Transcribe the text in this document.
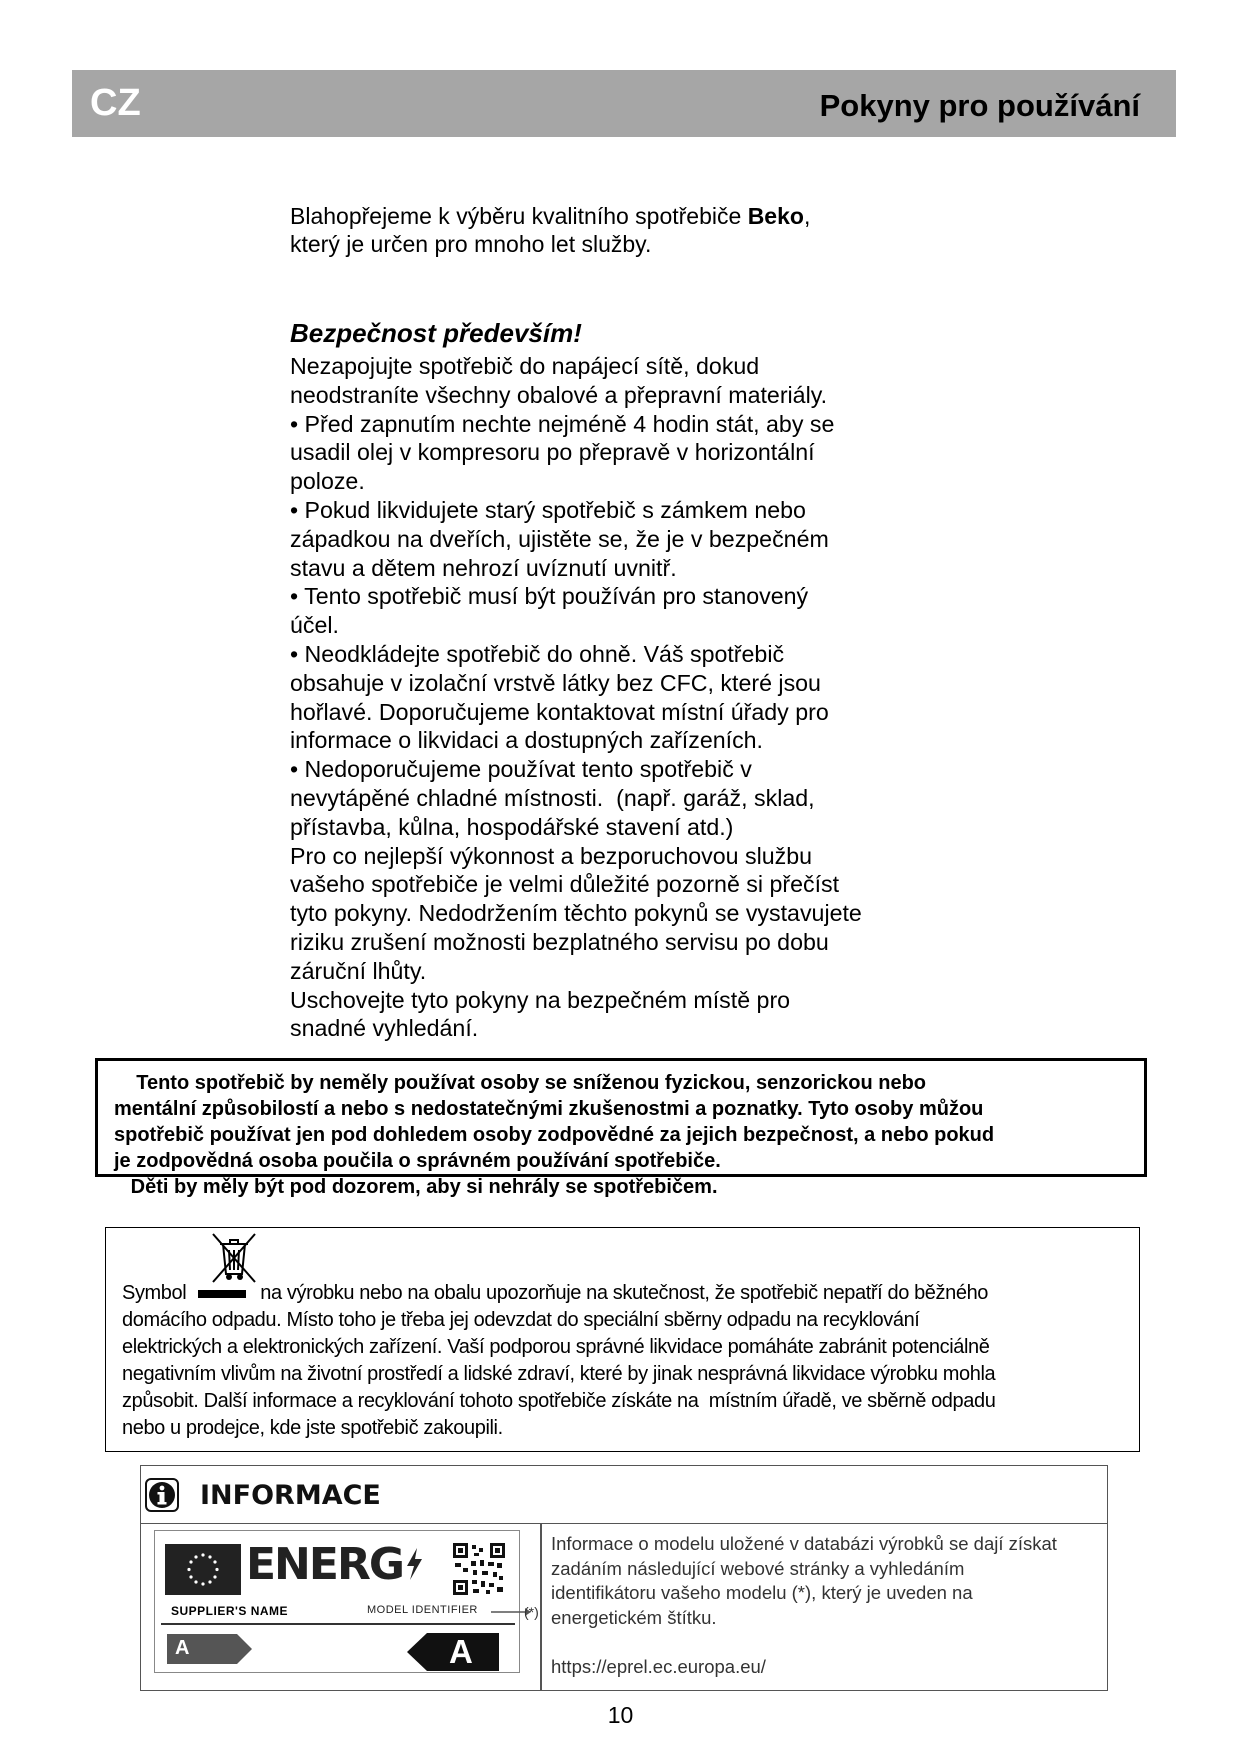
CZ	Pokyny pro používání
Blahopřejeme k výběru kvalitního spotřebiče Beko,
který je určen pro mnoho let služby.
Bezpečnost především!

Nezapojujte spotřebič do napájecí sítě, dokud

neodstraníte všechny obalové a přepravní materiály.

• Před zapnutím nechte nejméně 4 hodin stát, aby se

usadil olej v kompresoru po přepravě v horizontální

poloze.

• Pokud likvidujete starý spotřebič s zámkem nebo

západkou na dveřích, ujistěte se, že je v bezpečném

stavu a dětem nehrozí uvíznutí uvnitř.

• Tento spotřebič musí být používán pro stanovený

účel.

• Neodkládejte spotřebič do ohně. Váš spotřebič

obsahuje v izolační vrstvě látky bez CFC, které jsou

hořlavé. Doporučujeme kontaktovat místní úřady pro

informace o likvidaci a dostupných zařízeních.

• Nedoporučujeme používat tento spotřebič v

nevytápěné chladné místnosti.  (např. garáž, sklad,

přístavba, kůlna, hospodářské stavení atd.)

Pro co nejlepší výkonnost a bezporuchovou službu

vašeho spotřebiče je velmi důležité pozorně si přečíst

tyto pokyny. Nedodržením těchto pokynů se vystavujete

riziku zrušení možnosti bezplatného servisu po dobu

záruční lhůty.

Uschovejte tyto pokyny na bezpečném místě pro

snadné vyhledání.

Tento spotřebič by neměly používat osoby se sníženou fyzickou, senzorickou nebo

mentální způsobilostí a nebo s nedostatečnými zkušenostmi a poznatky. Tyto osoby můžou

spotřebič používat jen pod dohledem osoby zodpovědné za jejich bezpečnost, a nebo pokud

je zodpovědná osoba poučila o správném používání spotřebiče.

Děti by měly být pod dozorem, aby si nehrály se spotřebičem.

Symbol	na výrobku nebo na obalu upozorňuje na skutečnost, že spotřebič nepatří do běžného

domácího odpadu. Místo toho je třeba jej odevzdat do speciální sběrny odpadu na recyklování

elektrických a elektronických zařízení. Vaší podporou správné likvidace pomáháte zabránit potenciálně

negativním vlivům na životní prostředí a lidské zdraví, které by jinak nesprávná likvidace výrobku mohla

způsobit. Další informace a recyklování tohoto spotřebiče získáte na  místním úřadě, ve sběrně odpadu

nebo u prodejce, kde jste spotřebič zakoupili.

INFORMACE
ENERG
SUPPLIER'S NAME	MODEL IDENTIFIER
A	A
(*)

Informace o modelu uložené v databázi výrobků se dají získat

zadáním následující webové stránky a vyhledáním

identifikátoru vašeho modelu (*), který je uveden na

energetickém štítku.

https://eprel.ec.europa.eu/
10
